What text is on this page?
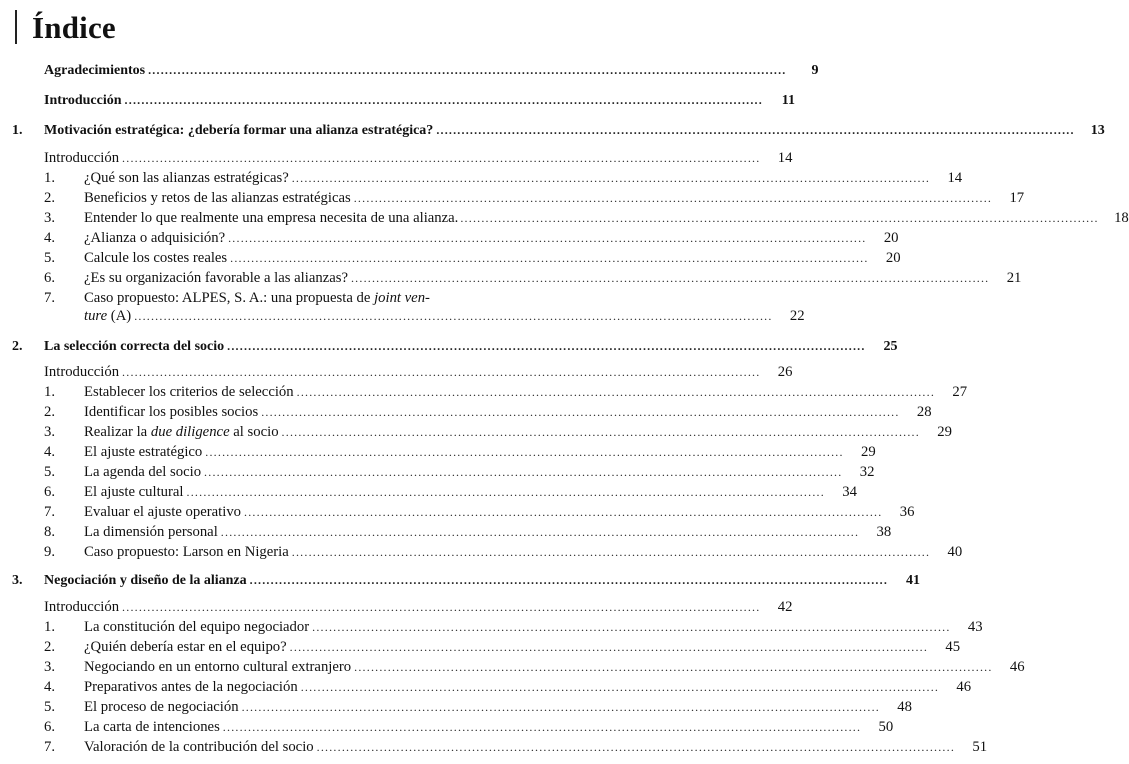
Índice
Agradecimientos .....	9
Introducción .....	11
1.	Motivación estratégica: ¿debería formar una alianza estratégica? .....	13
Introducción .....	14
1.	¿Qué son las alianzas estratégicas? .....	14
2.	Beneficios y retos de las alianzas estratégicas .....	17
3.	Entender lo que realmente una empresa necesita de una alianza. .....	18
4.	¿Alianza o adquisición? .....	20
5.	Calcule los costes reales .....	20
6.	¿Es su organización favorable a las alianzas? .....	21
7. Caso propuesto: ALPES, S. A.: una propuesta de joint ven-
ture (A) .....	22
2.	La selección correcta del socio .....	25
Introducción .....	26
1.	Establecer los criterios de selección .....	27
2.	Identificar los posibles socios .....	28
3.	Realizar la due diligence al socio .....	29
4.	El ajuste estratégico .....	29
5.	La agenda del socio .....	32
6.	El ajuste cultural .....	34
7.	Evaluar el ajuste operativo .....	36
8.	La dimensión personal .....	38
9.	Caso propuesto: Larson en Nigeria .....	40
3.	Negociación y diseño de la alianza .....	41
Introducción .....	42
1.	La constitución del equipo negociador .....	43
2.	¿Quién debería estar en el equipo? .....	45
3.	Negociando en un entorno cultural extranjero .....	46
4.	Preparativos antes de la negociación .....	46
5.	El proceso de negociación .....	48
6.	La carta de intenciones .....	50
7.	Valoración de la contribución del socio .....	51
